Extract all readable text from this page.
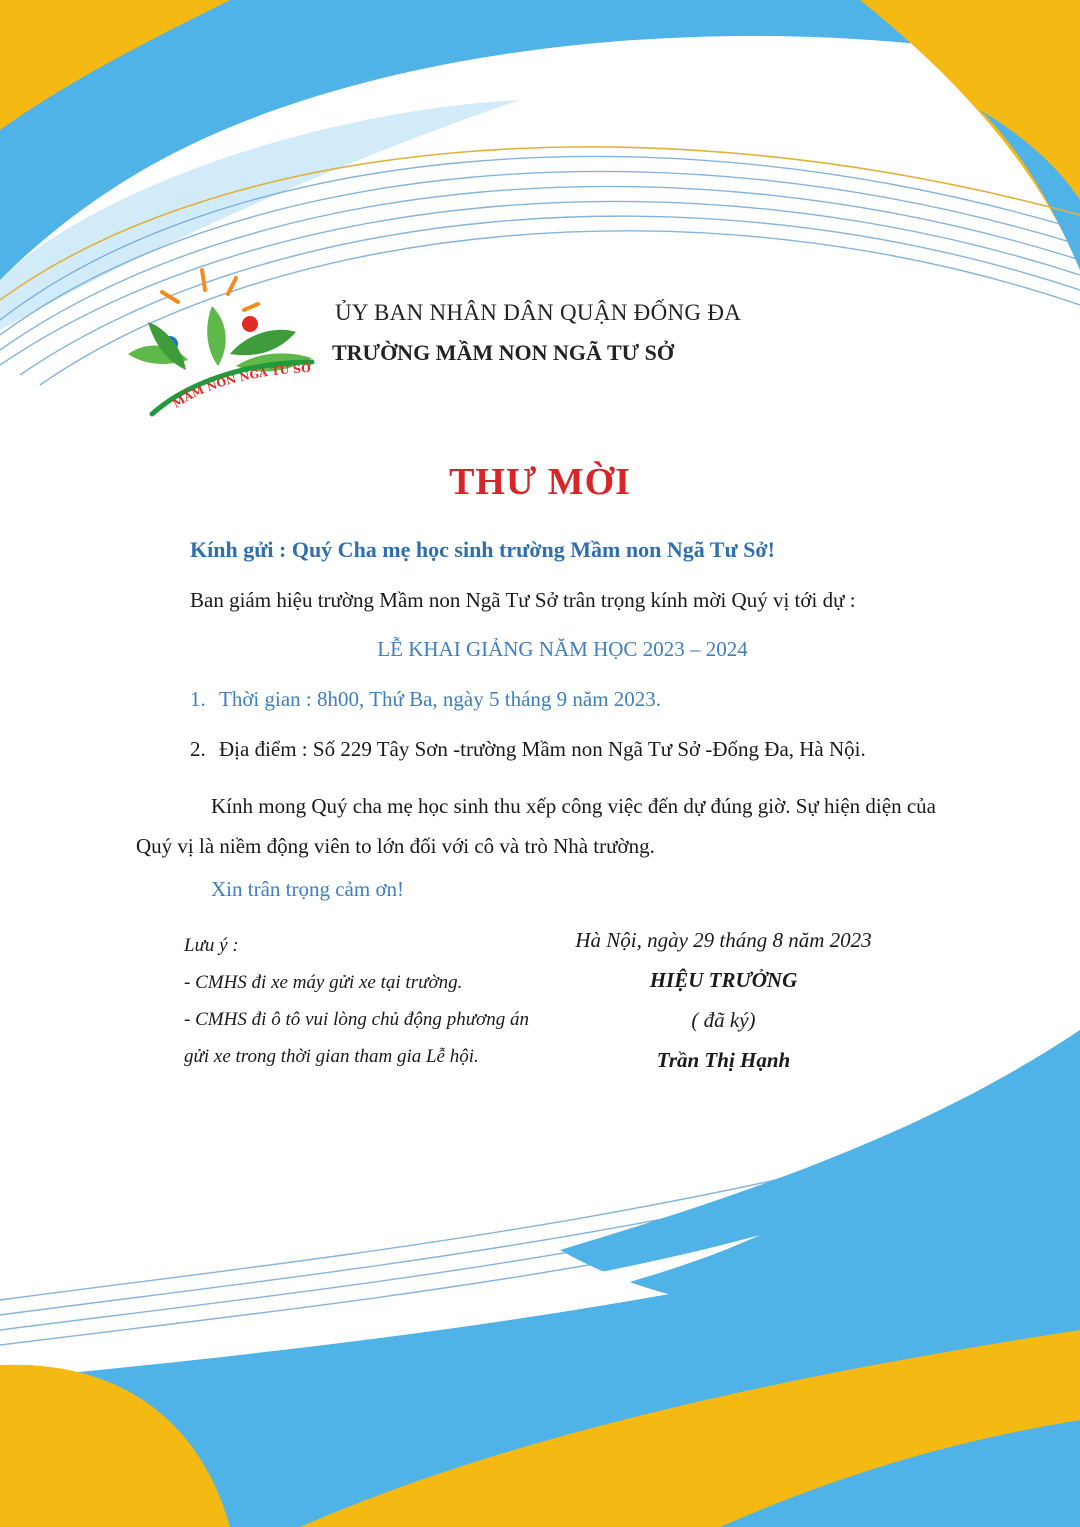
MẦM NON NGÃ TƯ SỞ
ỦY BAN NHÂN DÂN QUẬN ĐỐNG ĐA
TRƯỜNG MẦM NON NGÃ TƯ SỞ
THƯ MỜI
Kính gửi : Quý Cha mẹ học sinh trường Mầm non Ngã Tư Sở!
Ban giám hiệu trường Mầm non Ngã Tư Sở trân trọng kính mời Quý vị tới dự :
LỄ KHAI GIẢNG NĂM HỌC 2023 – 2024
1. Thời gian : 8h00, Thứ Ba, ngày 5 tháng 9 năm 2023.
2. Địa điểm : Số 229 Tây Sơn -trường Mầm non Ngã Tư Sở -Đống Đa, Hà Nội.
Kính mong Quý cha mẹ học sinh thu xếp công việc đến dự đúng giờ. Sự hiện diện của Quý vị là niềm động viên to lớn đối với cô và trò Nhà trường.
Xin trân trọng cảm ơn!
Lưu ý :
- CMHS đi xe máy gửi xe tại trường.
- CMHS đi ô tô vui lòng chủ động phương án gửi xe trong thời gian tham gia Lễ hội.
Hà Nội, ngày 29 tháng 8 năm 2023
HIỆU TRƯỞNG
( đã ký)
Trần Thị Hạnh
